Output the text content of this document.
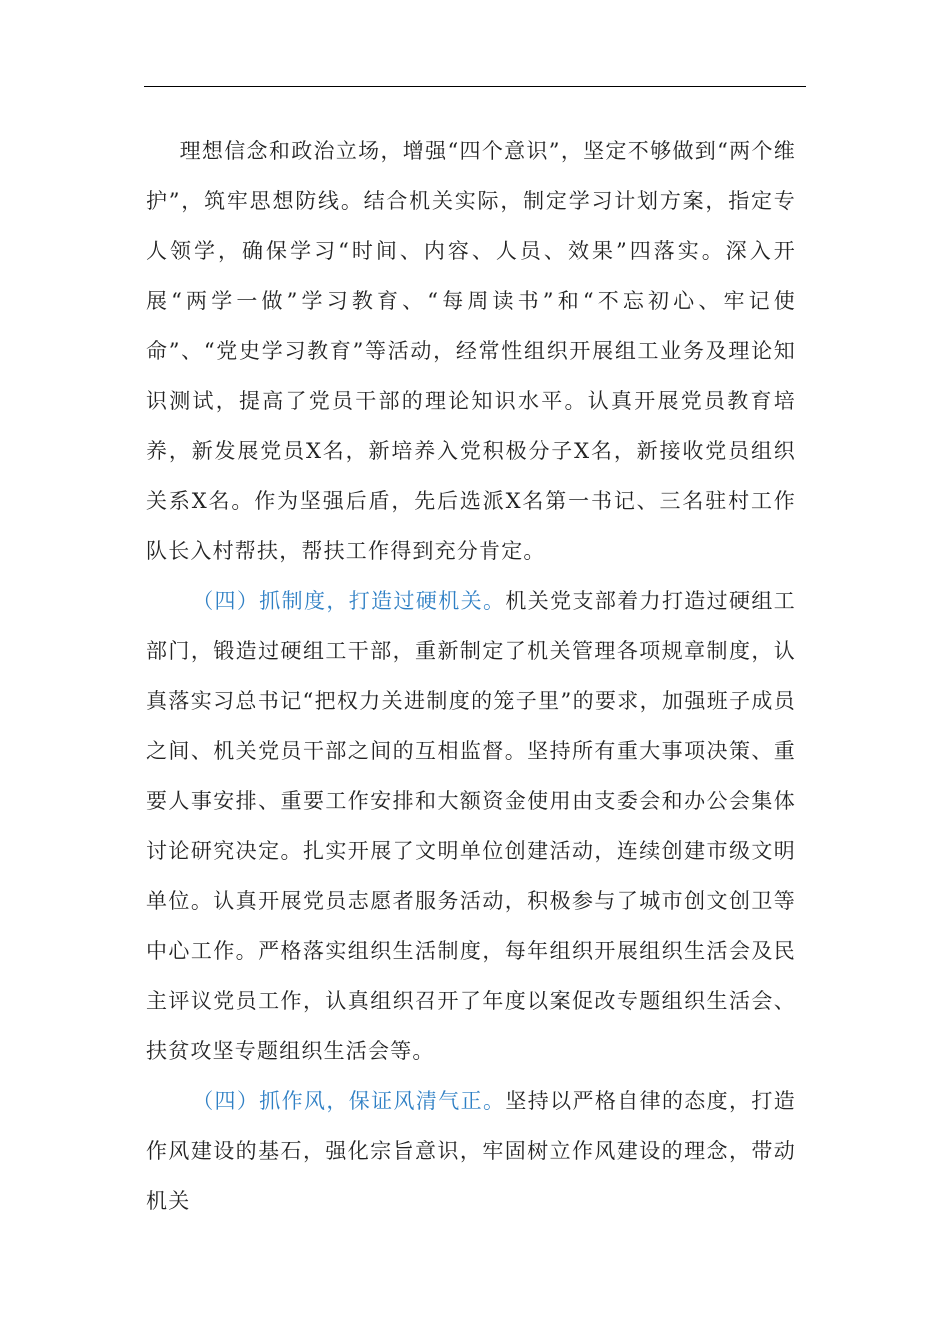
理想信念和政治立场，增强“四个意识”，坚定不够做到“两个维护”，筑牢思想防线。结合机关实际，制定学习计划方案，指定专人领学，确保学习“时间、内容、人员、效果”四落实。深入开展“两学一做”学习教育、“每周读书”和“不忘初心、牢记使命”、“党史学习教育”等活动，经常性组织开展组工业务及理论知识测试，提高了党员干部的理论知识水平。认真开展党员教育培养，新发展党员X名，新培养入党积极分子X名，新接收党员组织关系X名。作为坚强后盾，先后选派X名第一书记、三名驻村工作队长入村帮扶，帮扶工作得到充分肯定。

（四）抓制度，打造过硬机关。机关党支部着力打造过硬组工部门，锻造过硬组工干部，重新制定了机关管理各项规章制度，认真落实习总书记“把权力关进制度的笼子里”的要求，加强班子成员之间、机关党员干部之间的互相监督。坚持所有重大事项决策、重要人事安排、重要工作安排和大额资金使用由支委会和办公会集体讨论研究决定。扎实开展了文明单位创建活动，连续创建市级文明单位。认真开展党员志愿者服务活动，积极参与了城市创文创卫等中心工作。严格落实组织生活制度，每年组织开展组织生活会及民主评议党员工作，认真组织召开了年度以案促改专题组织生活会、扶贫攻坚专题组织生活会等。

（四）抓作风，保证风清气正。坚持以严格自律的态度，打造作风建设的基石，强化宗旨意识，牢固树立作风建设的理念，带动机关
